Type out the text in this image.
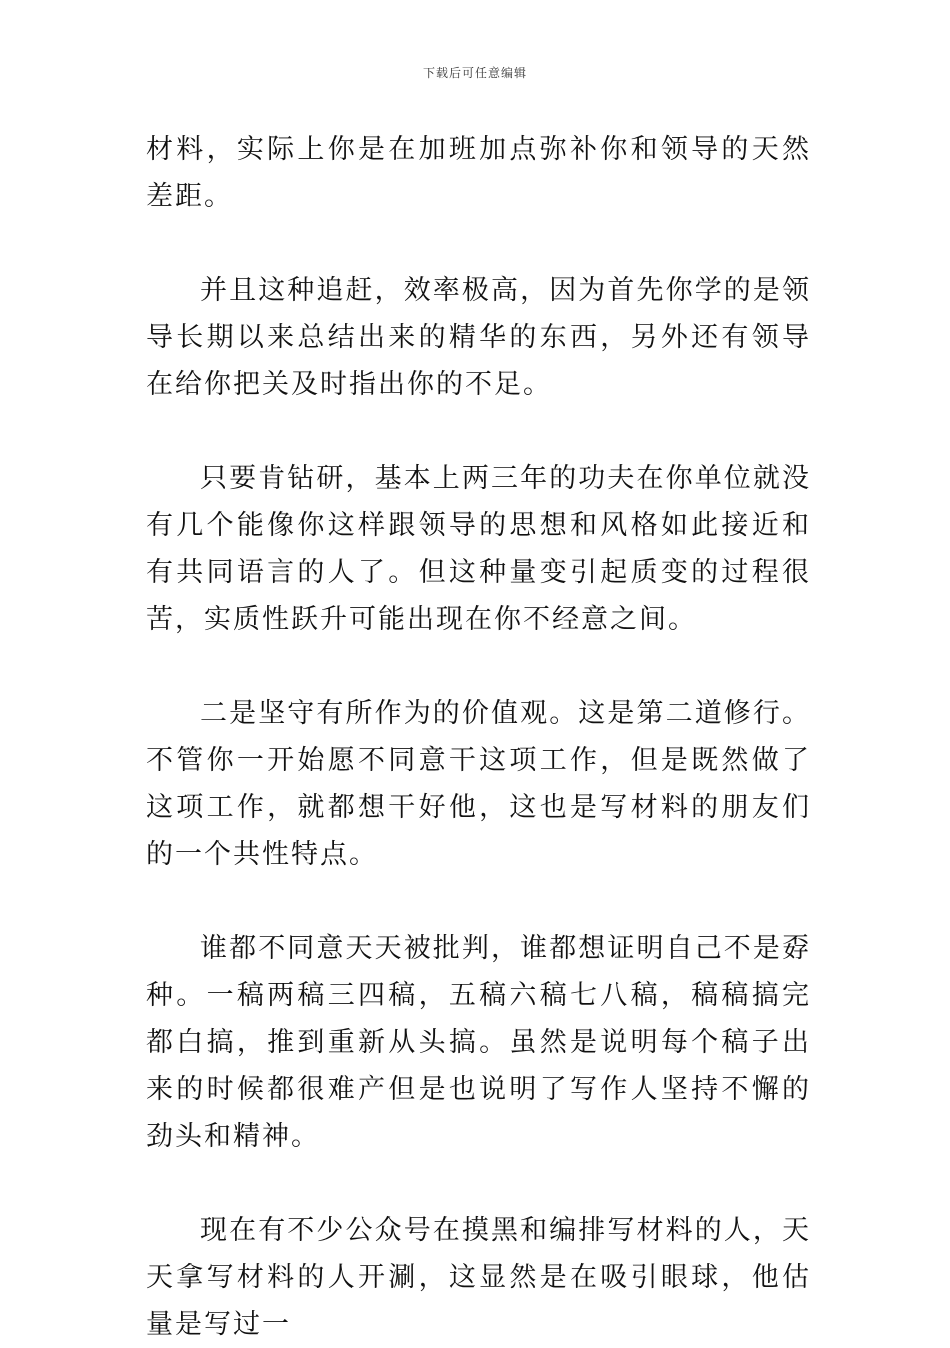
下载后可任意编辑

材料，实际上你是在加班加点弥补你和领导的天然差距。

并且这种追赶，效率极高，因为首先你学的是领导长期以来总结出来的精华的东西，另外还有领导在给你把关及时指出你的不足。

只要肯钻研，基本上两三年的功夫在你单位就没有几个能像你这样跟领导的思想和风格如此接近和有共同语言的人了。但这种量变引起质变的过程很苦，实质性跃升可能出现在你不经意之间。

二是坚守有所作为的价值观。这是第二道修行。不管你一开始愿不同意干这项工作，但是既然做了这项工作，就都想干好他，这也是写材料的朋友们的一个共性特点。

谁都不同意天天被批判，谁都想证明自己不是孬种。一稿两稿三四稿，五稿六稿七八稿，稿稿搞完都白搞，推到重新从头搞。虽然是说明每个稿子出来的时候都很难产但是也说明了写作人坚持不懈的劲头和精神。

现在有不少公众号在摸黑和编排写材料的人，天天拿写材料的人开涮，这显然是在吸引眼球，他估量是写过一
